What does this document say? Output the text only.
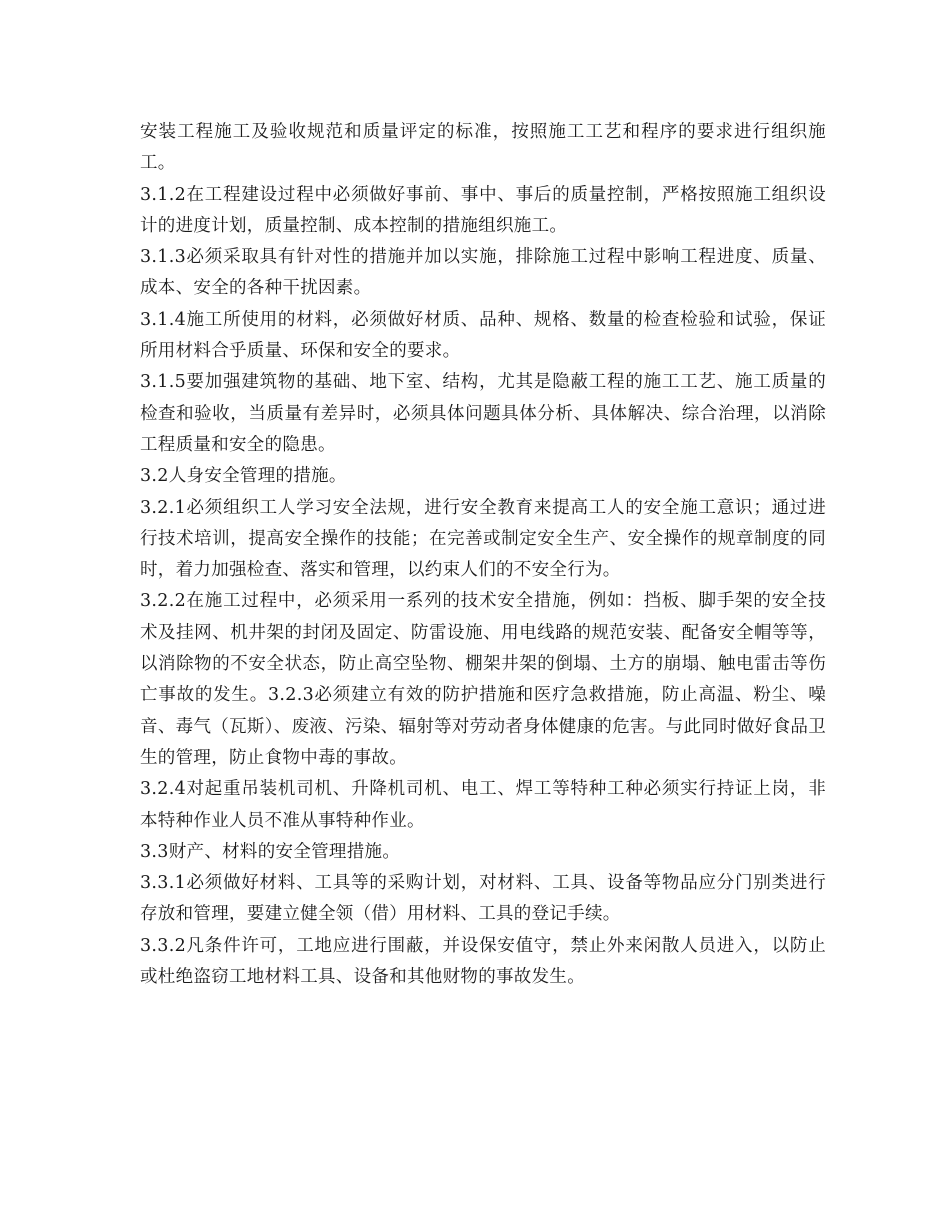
安装工程施工及验收规范和质量评定的标准，按照施工工艺和程序的要求进行组织施工。

3.1.2在工程建设过程中必须做好事前、事中、事后的质量控制，严格按照施工组织设计的进度计划，质量控制、成本控制的措施组织施工。

3.1.3必须采取具有针对性的措施并加以实施，排除施工过程中影响工程进度、质量、成本、安全的各种干扰因素。

3.1.4施工所使用的材料，必须做好材质、品种、规格、数量的检查检验和试验，保证所用材料合乎质量、环保和安全的要求。

3.1.5要加强建筑物的基础、地下室、结构，尤其是隐蔽工程的施工工艺、施工质量的检查和验收，当质量有差异时，必须具体问题具体分析、具体解决、综合治理，以消除工程质量和安全的隐患。

3.2人身安全管理的措施。

3.2.1必须组织工人学习安全法规，进行安全教育来提高工人的安全施工意识；通过进行技术培训，提高安全操作的技能；在完善或制定安全生产、安全操作的规章制度的同时，着力加强检查、落实和管理，以约束人们的不安全行为。

3.2.2在施工过程中，必须采用一系列的技术安全措施，例如：挡板、脚手架的安全技术及挂网、机井架的封闭及固定、防雷设施、用电线路的规范安装、配备安全帽等等，以消除物的不安全状态，防止高空坠物、棚架井架的倒塌、土方的崩塌、触电雷击等伤亡事故的发生。3.2.3必须建立有效的防护措施和医疗急救措施，防止高温、粉尘、噪音、毒气（瓦斯）、废液、污染、辐射等对劳动者身体健康的危害。与此同时做好食品卫生的管理，防止食物中毒的事故。

3.2.4对起重吊装机司机、升降机司机、电工、焊工等特种工种必须实行持证上岗，非本特种作业人员不准从事特种作业。

3.3财产、材料的安全管理措施。

3.3.1必须做好材料、工具等的采购计划，对材料、工具、设备等物品应分门别类进行存放和管理，要建立健全领（借）用材料、工具的登记手续。

3.3.2凡条件许可，工地应进行围蔽，并设保安值守，禁止外来闲散人员进入，以防止或杜绝盗窃工地材料工具、设备和其他财物的事故发生。
